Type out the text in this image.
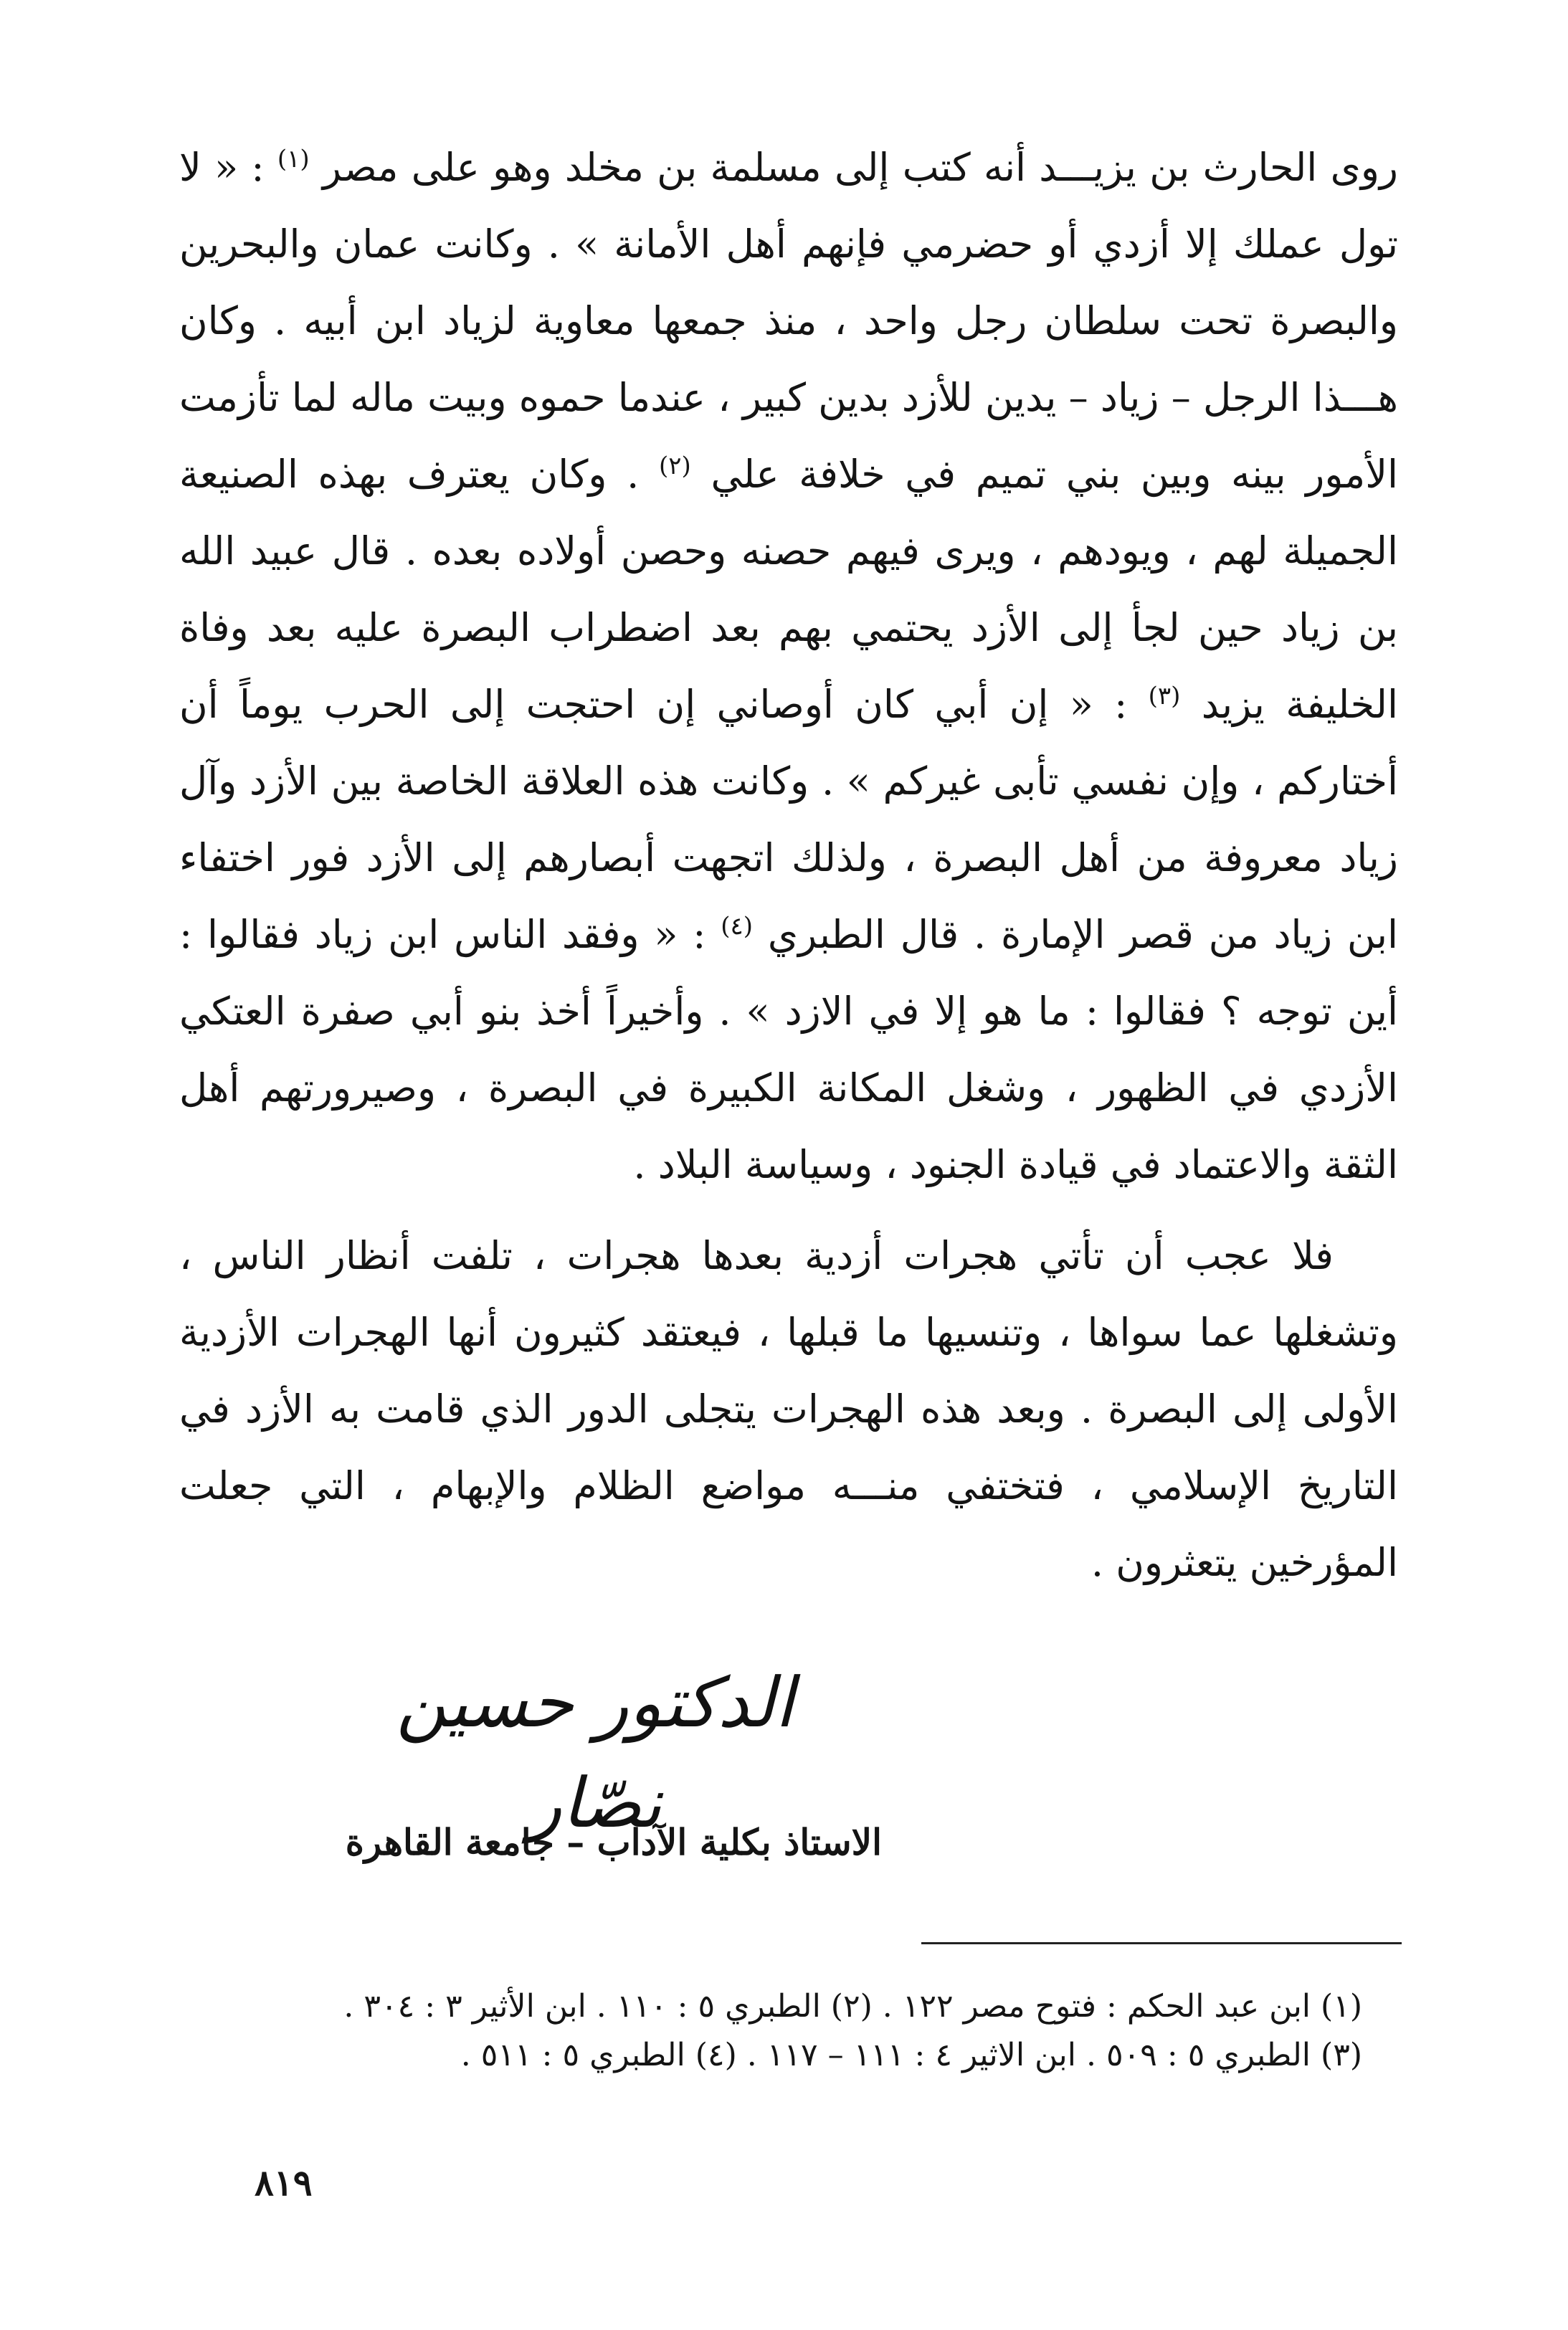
روى الحارث بن يزيـــد أنه كتب إلى مسلمة بن مخلد وهو على مصر $^{(١)}$ : « لا تول عملك إلا أزدي أو حضرمي فإنهم أهل الأمانة » . وكانت عمان والبحرين والبصرة تحت سلطان رجل واحد ، منذ جمعها معاوية لزياد ابن أبيه . وكان هـــذا الرجل – زياد – يدين للأزد بدين كبير ، عندما حموه وبيت ماله لما تأزمت الأمور بينه وبين بني تميم في خلافة علي $^{(٢)}$ . وكان يعترف بهذه الصنيعة الجميلة لهم ، ويودهم ، ويرى فيهم حصنه وحصن أولاده بعده . قال عبيد الله بن زياد حين لجأ إلى الأزد يحتمي بهم بعد اضطراب البصرة عليه بعد وفاة الخليفة يزيد $^{(٣)}$ : « إن أبي كان أوصاني إن احتجت إلى الحرب يوماً أن أختاركم ، وإن نفسي تأبى غيركم » . وكانت هذه العلاقة الخاصة بين الأزد وآل زياد معروفة من أهل البصرة ، ولذلك اتجهت أبصارهم إلى الأزد فور اختفاء ابن زياد من قصر الإمارة . قال الطبري $^{(٤)}$ : « وفقد الناس ابن زياد فقالوا : أين توجه ؟ فقالوا : ما هو إلا في الازد » . وأخيراً أخذ بنو أبي صفرة العتكي الأزدي في الظهور ، وشغل المكانة الكبيرة في البصرة ، وصيرورتهم أهل الثقة والاعتماد في قيادة الجنود ، وسياسة البلاد .

فلا عجب أن تأتي هجرات أزدية بعدها هجرات ، تلفت أنظار الناس ، وتشغلها عما سواها ، وتنسيها ما قبلها ، فيعتقد كثيرون أنها الهجرات الأزدية الأولى إلى البصرة . وبعد هذه الهجرات يتجلى الدور الذي قامت به الأزد في التاريخ الإسلامي ، فتختفي منـــه مواضع الظلام والإبهام ، التي جعلت المؤرخين يتعثرون .

الدكتور حسين نصّار
الاستاذ بكلية الآداب – جامعة القاهرة
(١) ابن عبد الحكم : فتوح مصر ١٢٢ . (٢) الطبري ٥ : ١١٠ . ابن الأثير ٣ : ٣٠٤ .
(٣) الطبري ٥ : ٥٠٩ . ابن الاثير ٤ : ١١١ – ١١٧ . (٤) الطبري ٥ : ٥١١ .
٨١٩
